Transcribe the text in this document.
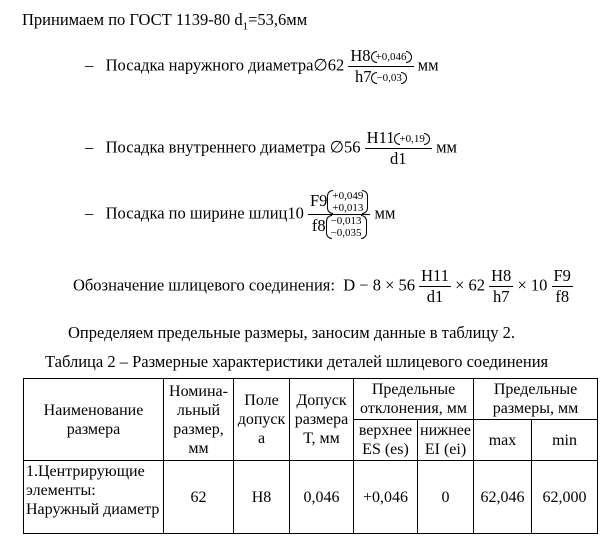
Принимаем по ГОСТ 1139-80 $d_1=53,6мм$
– Посадка наружного диаметра∅62 $\frac{H8 +0,046}{h7 -0,03}$ мм
– Посадка внутреннего диаметра ∅56 $\frac{H11 +0,19}{d1}$ мм
– Посадка по ширине шлиц10 F9 +0,049
+0,013
f8 −0,013
−0,035 мм
Обозначение шлицевого соединения: $D - 8 \times 56 \frac{H11}{d1} \times 62 \frac{H8}{h7} \times 10 \frac{F9}{f8}$
Определяем предельные размеры, заносим данные в таблицу 2.
Таблица 2 – Размерные характеристики деталей шлицевого соединения
Наименование размера	Номина-льный размер, мм	Поле допуск а	Допуск размера Т, мм	Предельные отклонения, мм		Предельные размеры, мм	
				верхнее ES (es)	нижнее EI (ei)	max	min
1.Центрирующие элементы: Наружный диаметр	62	H8	0,046	+0,046	0	62,046	62,000
